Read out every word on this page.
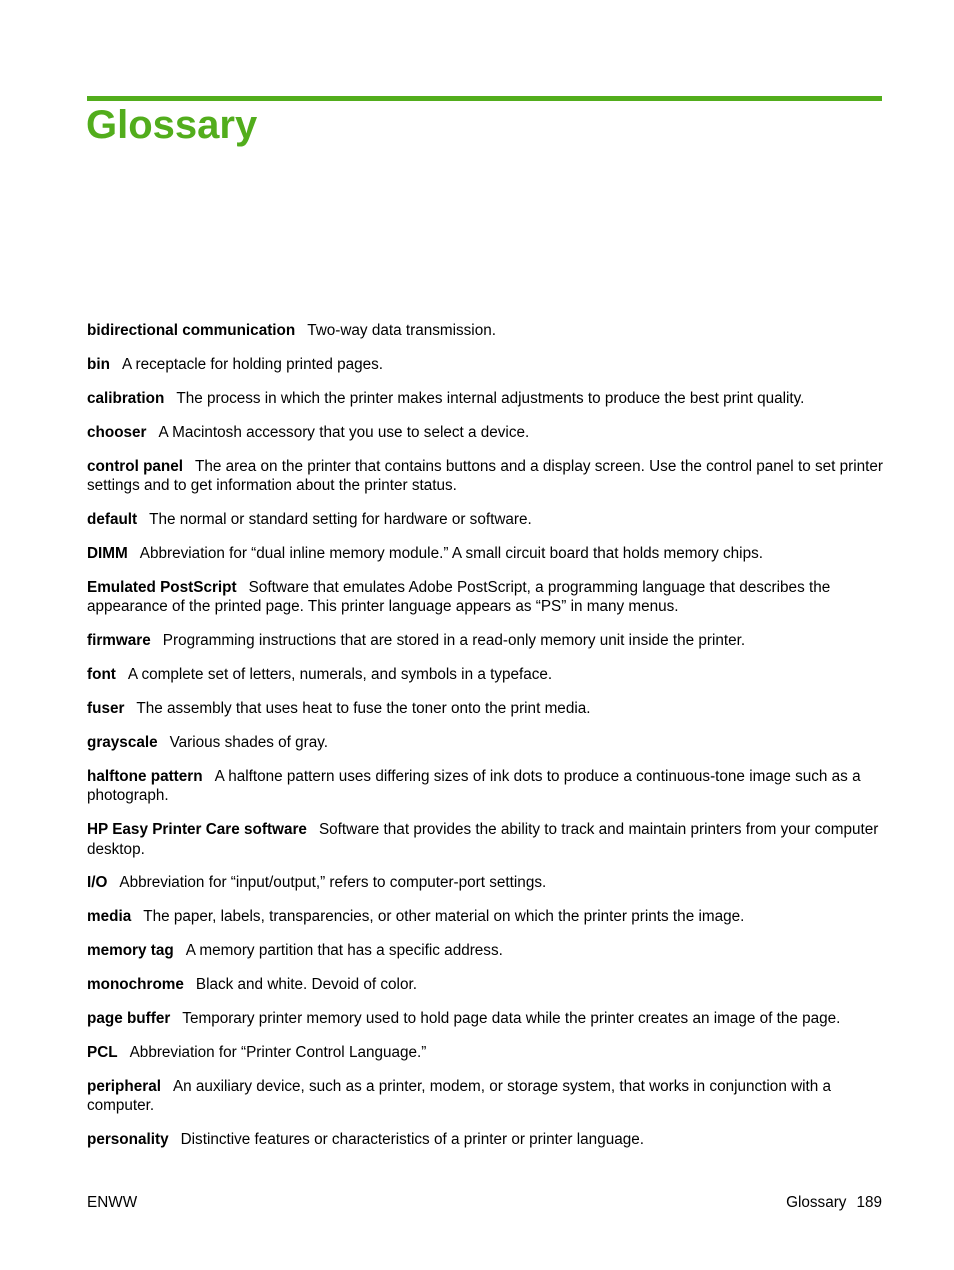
Glossary

bidirectional communication Two-way data transmission.

bin A receptacle for holding printed pages.

calibration The process in which the printer makes internal adjustments to produce the best print quality.

chooser A Macintosh accessory that you use to select a device.

control panel The area on the printer that contains buttons and a display screen. Use the control panel to set printer settings and to get information about the printer status.

default The normal or standard setting for hardware or software.

DIMM Abbreviation for “dual inline memory module.” A small circuit board that holds memory chips.

Emulated PostScript Software that emulates Adobe PostScript, a programming language that describes the appearance of the printed page. This printer language appears as “PS” in many menus.

firmware Programming instructions that are stored in a read-only memory unit inside the printer.

font A complete set of letters, numerals, and symbols in a typeface.

fuser The assembly that uses heat to fuse the toner onto the print media.

grayscale Various shades of gray.

halftone pattern A halftone pattern uses differing sizes of ink dots to produce a continuous-tone image such as a photograph.

HP Easy Printer Care software Software that provides the ability to track and maintain printers from your computer desktop.

I/O Abbreviation for “input/output,” refers to computer-port settings.

media The paper, labels, transparencies, or other material on which the printer prints the image.

memory tag A memory partition that has a specific address.

monochrome Black and white. Devoid of color.

page buffer Temporary printer memory used to hold page data while the printer creates an image of the page.

PCL Abbreviation for “Printer Control Language.”

peripheral An auxiliary device, such as a printer, modem, or storage system, that works in conjunction with a computer.

personality Distinctive features or characteristics of a printer or printer language.

ENWW	Glossary 189
